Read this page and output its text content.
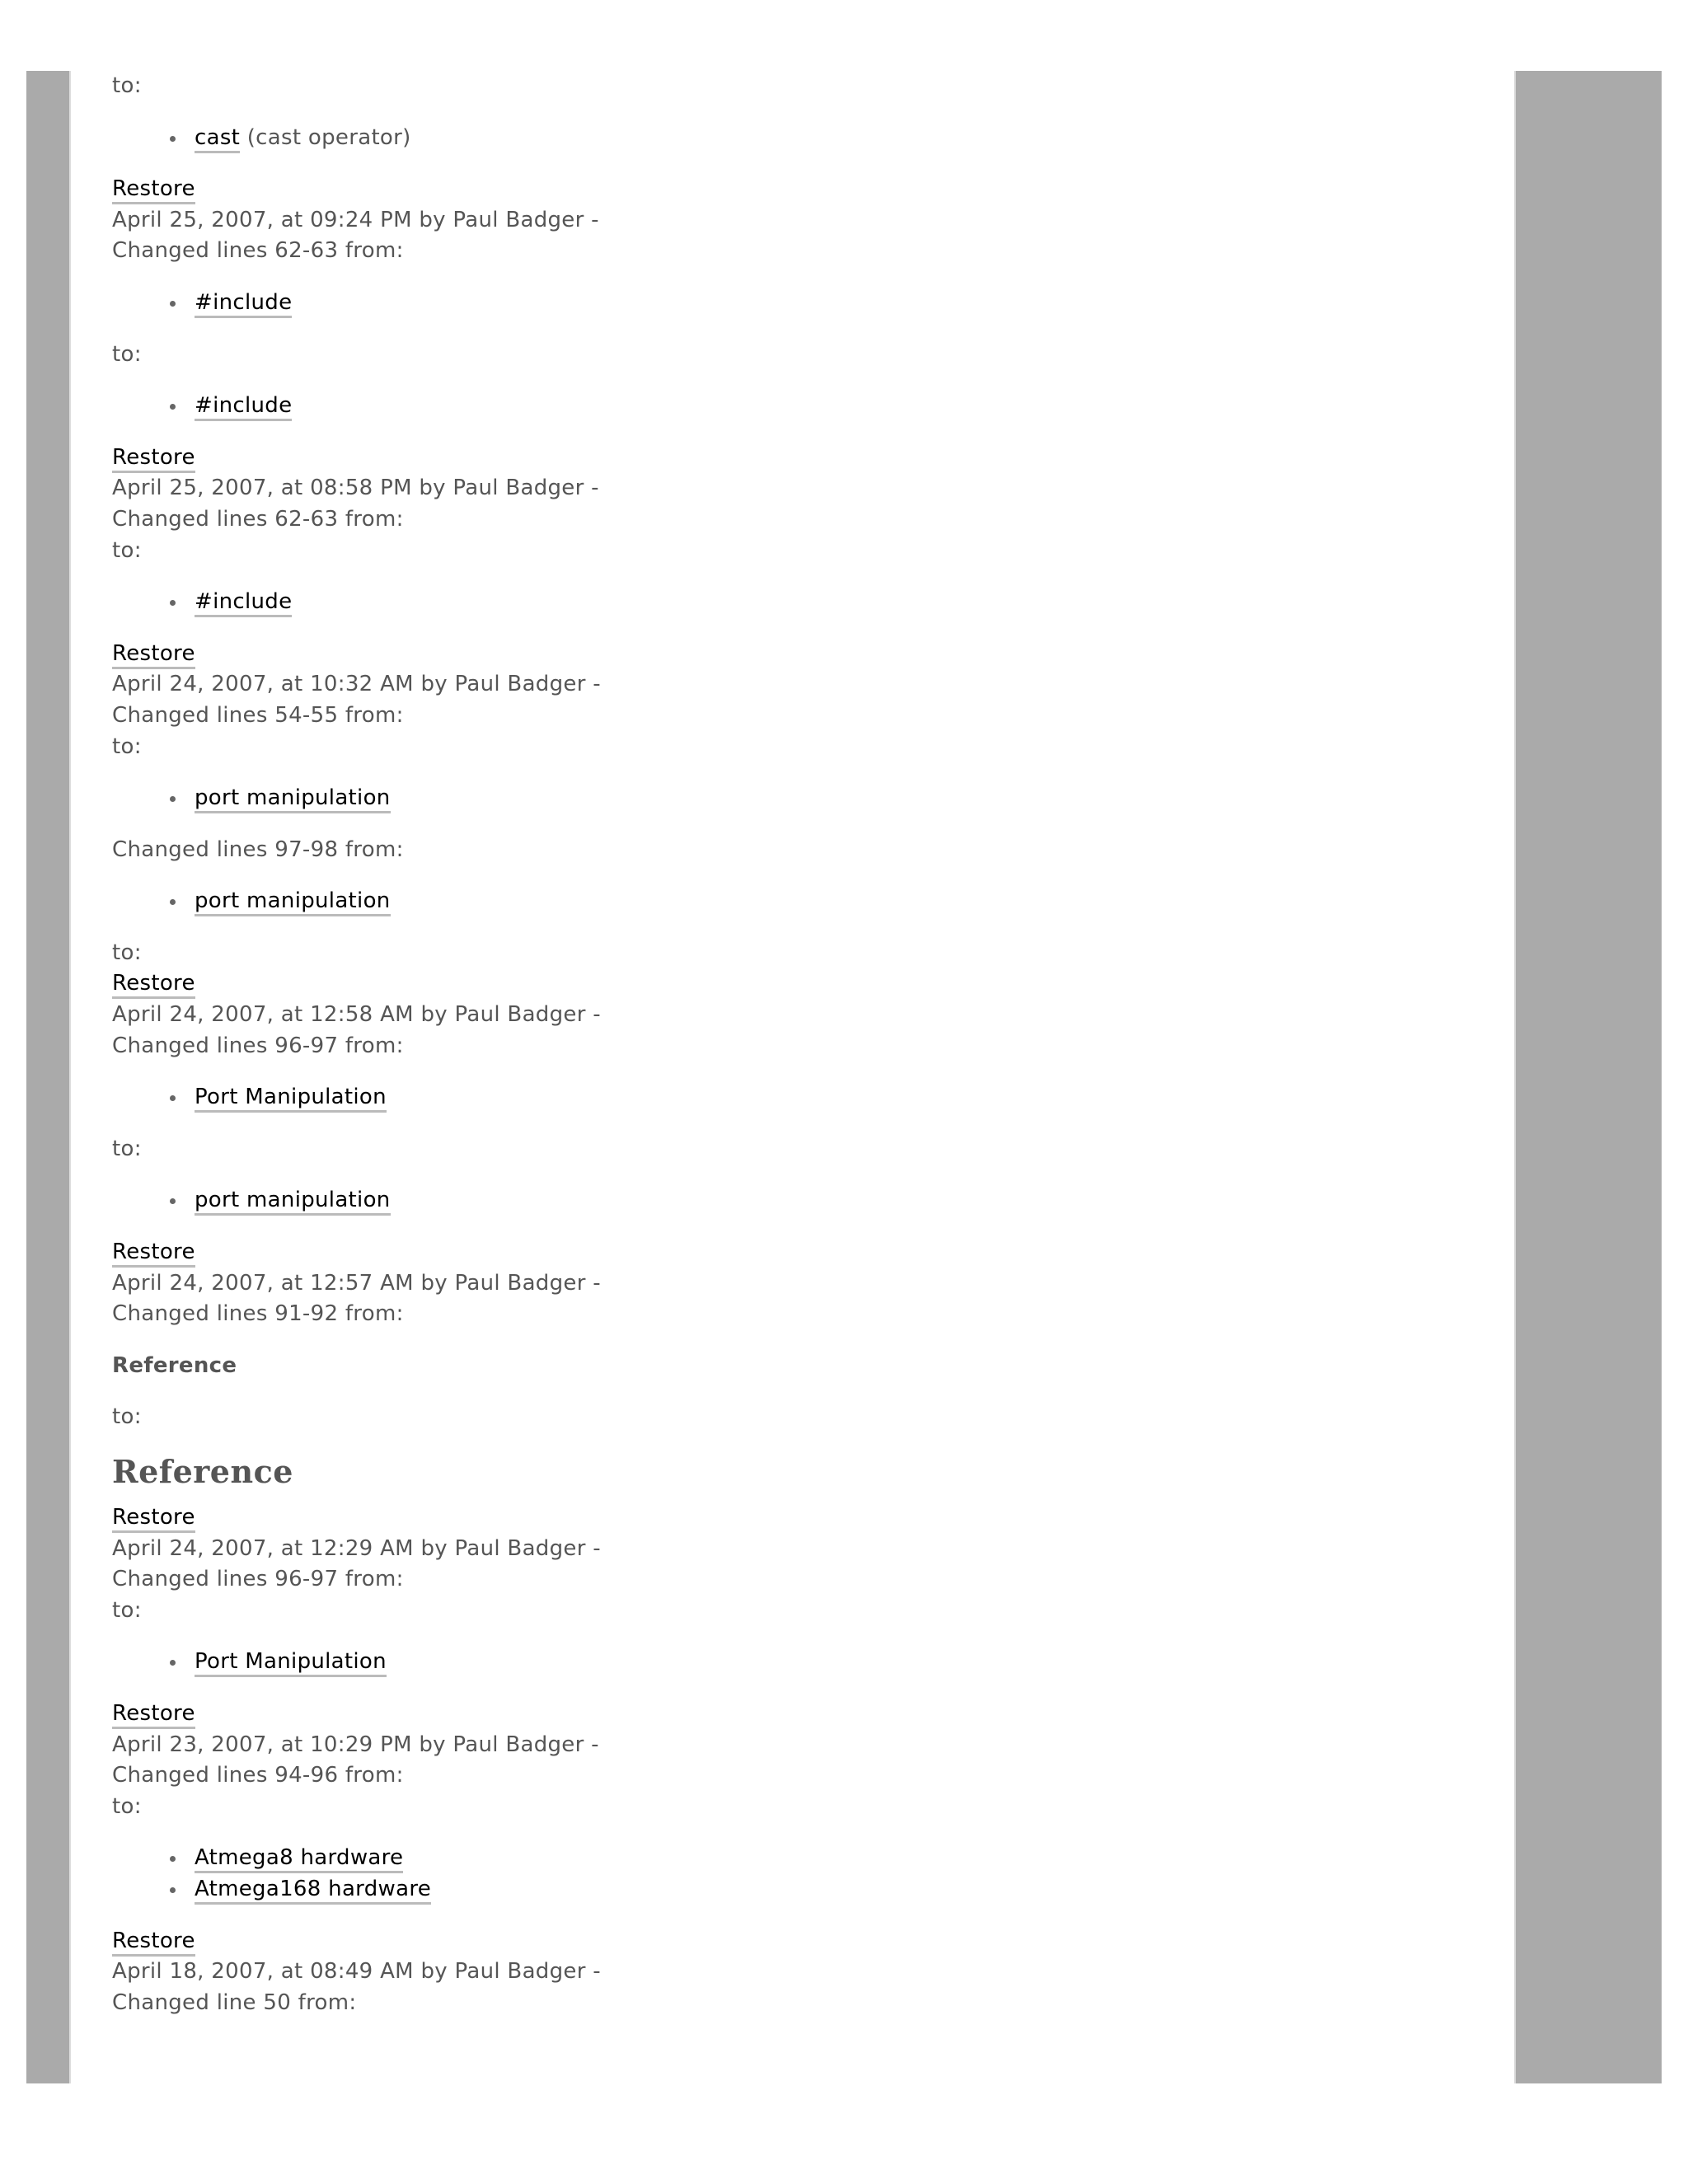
to:

cast (cast operator)

Restore

April 25, 2007, at 09:24 PM by Paul Badger -

Changed lines 62-63 from:

#include

to:

#include

Restore

April 25, 2007, at 08:58 PM by Paul Badger -

Changed lines 62-63 from:

to:

#include

Restore

April 24, 2007, at 10:32 AM by Paul Badger -

Changed lines 54-55 from:

to:

port manipulation

Changed lines 97-98 from:

port manipulation

to:

Restore

April 24, 2007, at 12:58 AM by Paul Badger -

Changed lines 96-97 from:

Port Manipulation

to:

port manipulation

Restore

April 24, 2007, at 12:57 AM by Paul Badger -

Changed lines 91-92 from:

Reference

to:

Reference

Restore

April 24, 2007, at 12:29 AM by Paul Badger -

Changed lines 96-97 from:

to:

Port Manipulation

Restore

April 23, 2007, at 10:29 PM by Paul Badger -

Changed lines 94-96 from:

to:

Atmega8 hardware
Atmega168 hardware

Restore

April 18, 2007, at 08:49 AM by Paul Badger -

Changed line 50 from:
